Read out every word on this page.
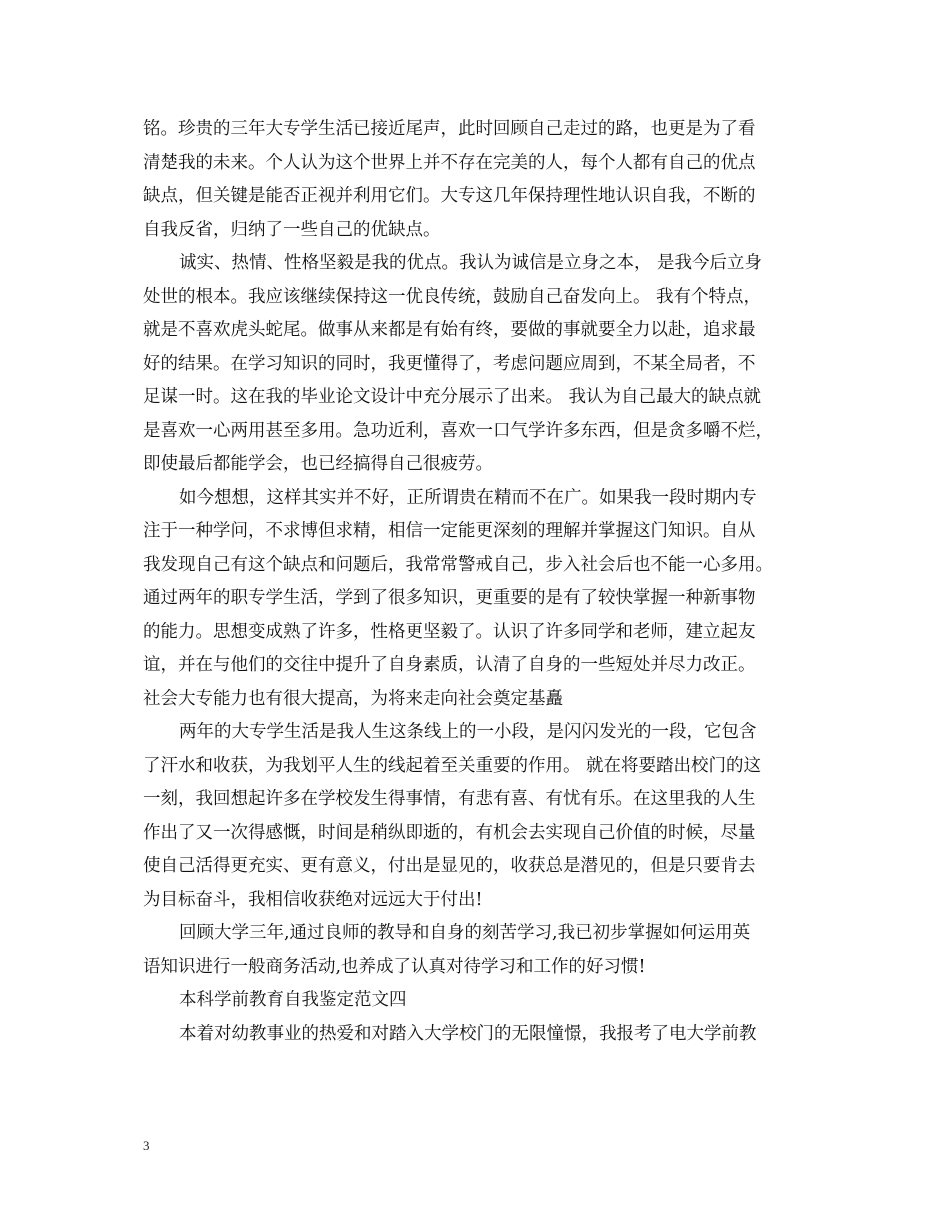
铭。珍贵的三年大专学生活已接近尾声，此时回顾自己走过的路，也更是为了看
清楚我的未来。个人认为这个世界上并不存在完美的人，每个人都有自己的优点
缺点，但关键是能否正视并利用它们。大专这几年保持理性地认识自我，不断的
自我反省，归纳了一些自己的优缺点。
诚实、热情、性格坚毅是我的优点。我认为诚信是立身之本， 是我今后立身
处世的根本。我应该继续保持这一优良传统，鼓励自己奋发向上。 我有个特点，
就是不喜欢虎头蛇尾。做事从来都是有始有终，要做的事就要全力以赴，追求最
好的结果。在学习知识的同时，我更懂得了，考虑问题应周到，不某全局者，不
足谋一时。这在我的毕业论文设计中充分展示了出来。 我认为自己最大的缺点就
是喜欢一心两用甚至多用。急功近利，喜欢一口气学许多东西，但是贪多嚼不烂，
即使最后都能学会，也已经搞得自己很疲劳。
如今想想，这样其实并不好，正所谓贵在精而不在广。如果我一段时期内专
注于一种学问，不求博但求精，相信一定能更深刻的理解并掌握这门知识。自从
我发现自己有这个缺点和问题后，我常常警戒自己，步入社会后也不能一心多用。
通过两年的职专学生活，学到了很多知识，更重要的是有了较快掌握一种新事物
的能力。思想变成熟了许多，性格更坚毅了。认识了许多同学和老师，建立起友
谊，并在与他们的交往中提升了自身素质，认清了自身的一些短处并尽力改正。
社会大专能力也有很大提高，为将来走向社会奠定基矗
两年的大专学生活是我人生这条线上的一小段，是闪闪发光的一段，它包含
了汗水和收获，为我划平人生的线起着至关重要的作用。 就在将要踏出校门的这
一刻，我回想起许多在学校发生得事情，有悲有喜、有忧有乐。在这里我的人生
作出了又一次得感慨，时间是稍纵即逝的，有机会去实现自己价值的时候，尽量
使自己活得更充实、更有意义，付出是显见的，收获总是潜见的，但是只要肯去
为目标奋斗，我相信收获绝对远远大于付出!
回顾大学三年,通过良师的教导和自身的刻苦学习,我已初步掌握如何运用英
语知识进行一般商务活动,也养成了认真对待学习和工作的好习惯!
本科学前教育自我鉴定范文四
本着对幼教事业的热爱和对踏入大学校门的无限憧憬，我报考了电大学前教
3
